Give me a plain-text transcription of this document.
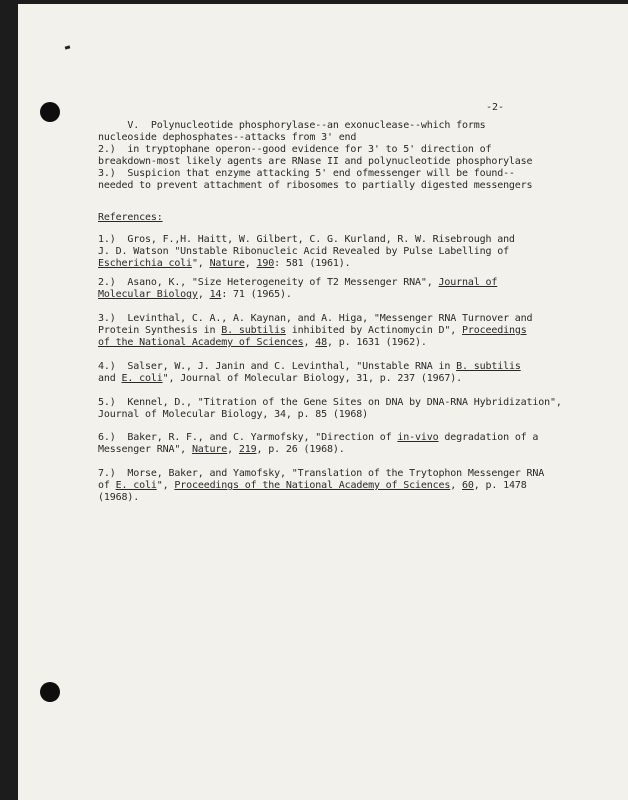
-2-
V.  Polynucleotide phosphorylase--an exonuclease--which forms
nucleoside dephosphates--attacks from 3' end
2.)  in tryptophane operon--good evidence for 3' to 5' direction of
breakdown-most likely agents are RNase II and polynucleotide phosphorylase
3.)  Suspicion that enzyme attacking 5' end ofmessenger will be found--
needed to prevent attachment of ribosomes to partially digested messengers
References:
1.)  Gros, F.,H. Haitt, W. Gilbert, C. G. Kurland, R. W. Risebrough and
J. D. Watson "Unstable Ribonucleic Acid Revealed by Pulse Labelling of
Escherichia coli", Nature, 190: 581 (1961).
2.)  Asano, K., "Size Heterogeneity of T2 Messenger RNA", Journal of
Molecular Biology, 14: 71 (1965).
3.)  Levinthal, C. A., A. Kaynan, and A. Higa, "Messenger RNA Turnover and
Protein Synthesis in B. subtilis inhibited by Actinomycin D", Proceedings
of the National Academy of Sciences, 48, p. 1631 (1962).
4.)  Salser, W., J. Janin and C. Levinthal, "Unstable RNA in B. subtilis
and E. coli", Journal of Molecular Biology, 31, p. 237 (1967).
5.)  Kennel, D., "Titration of the Gene Sites on DNA by DNA-RNA Hybridization",
Journal of Molecular Biology, 34, p. 85 (1968)
6.)  Baker, R. F., and C. Yarmofsky, "Direction of in-vivo degradation of a
Messenger RNA", Nature, 219, p. 26 (1968).
7.)  Morse, Baker, and Yamofsky, "Translation of the Trytophon Messenger RNA
of E. coli", Proceedings of the National Academy of Sciences, 60, p. 1478
(1968).
